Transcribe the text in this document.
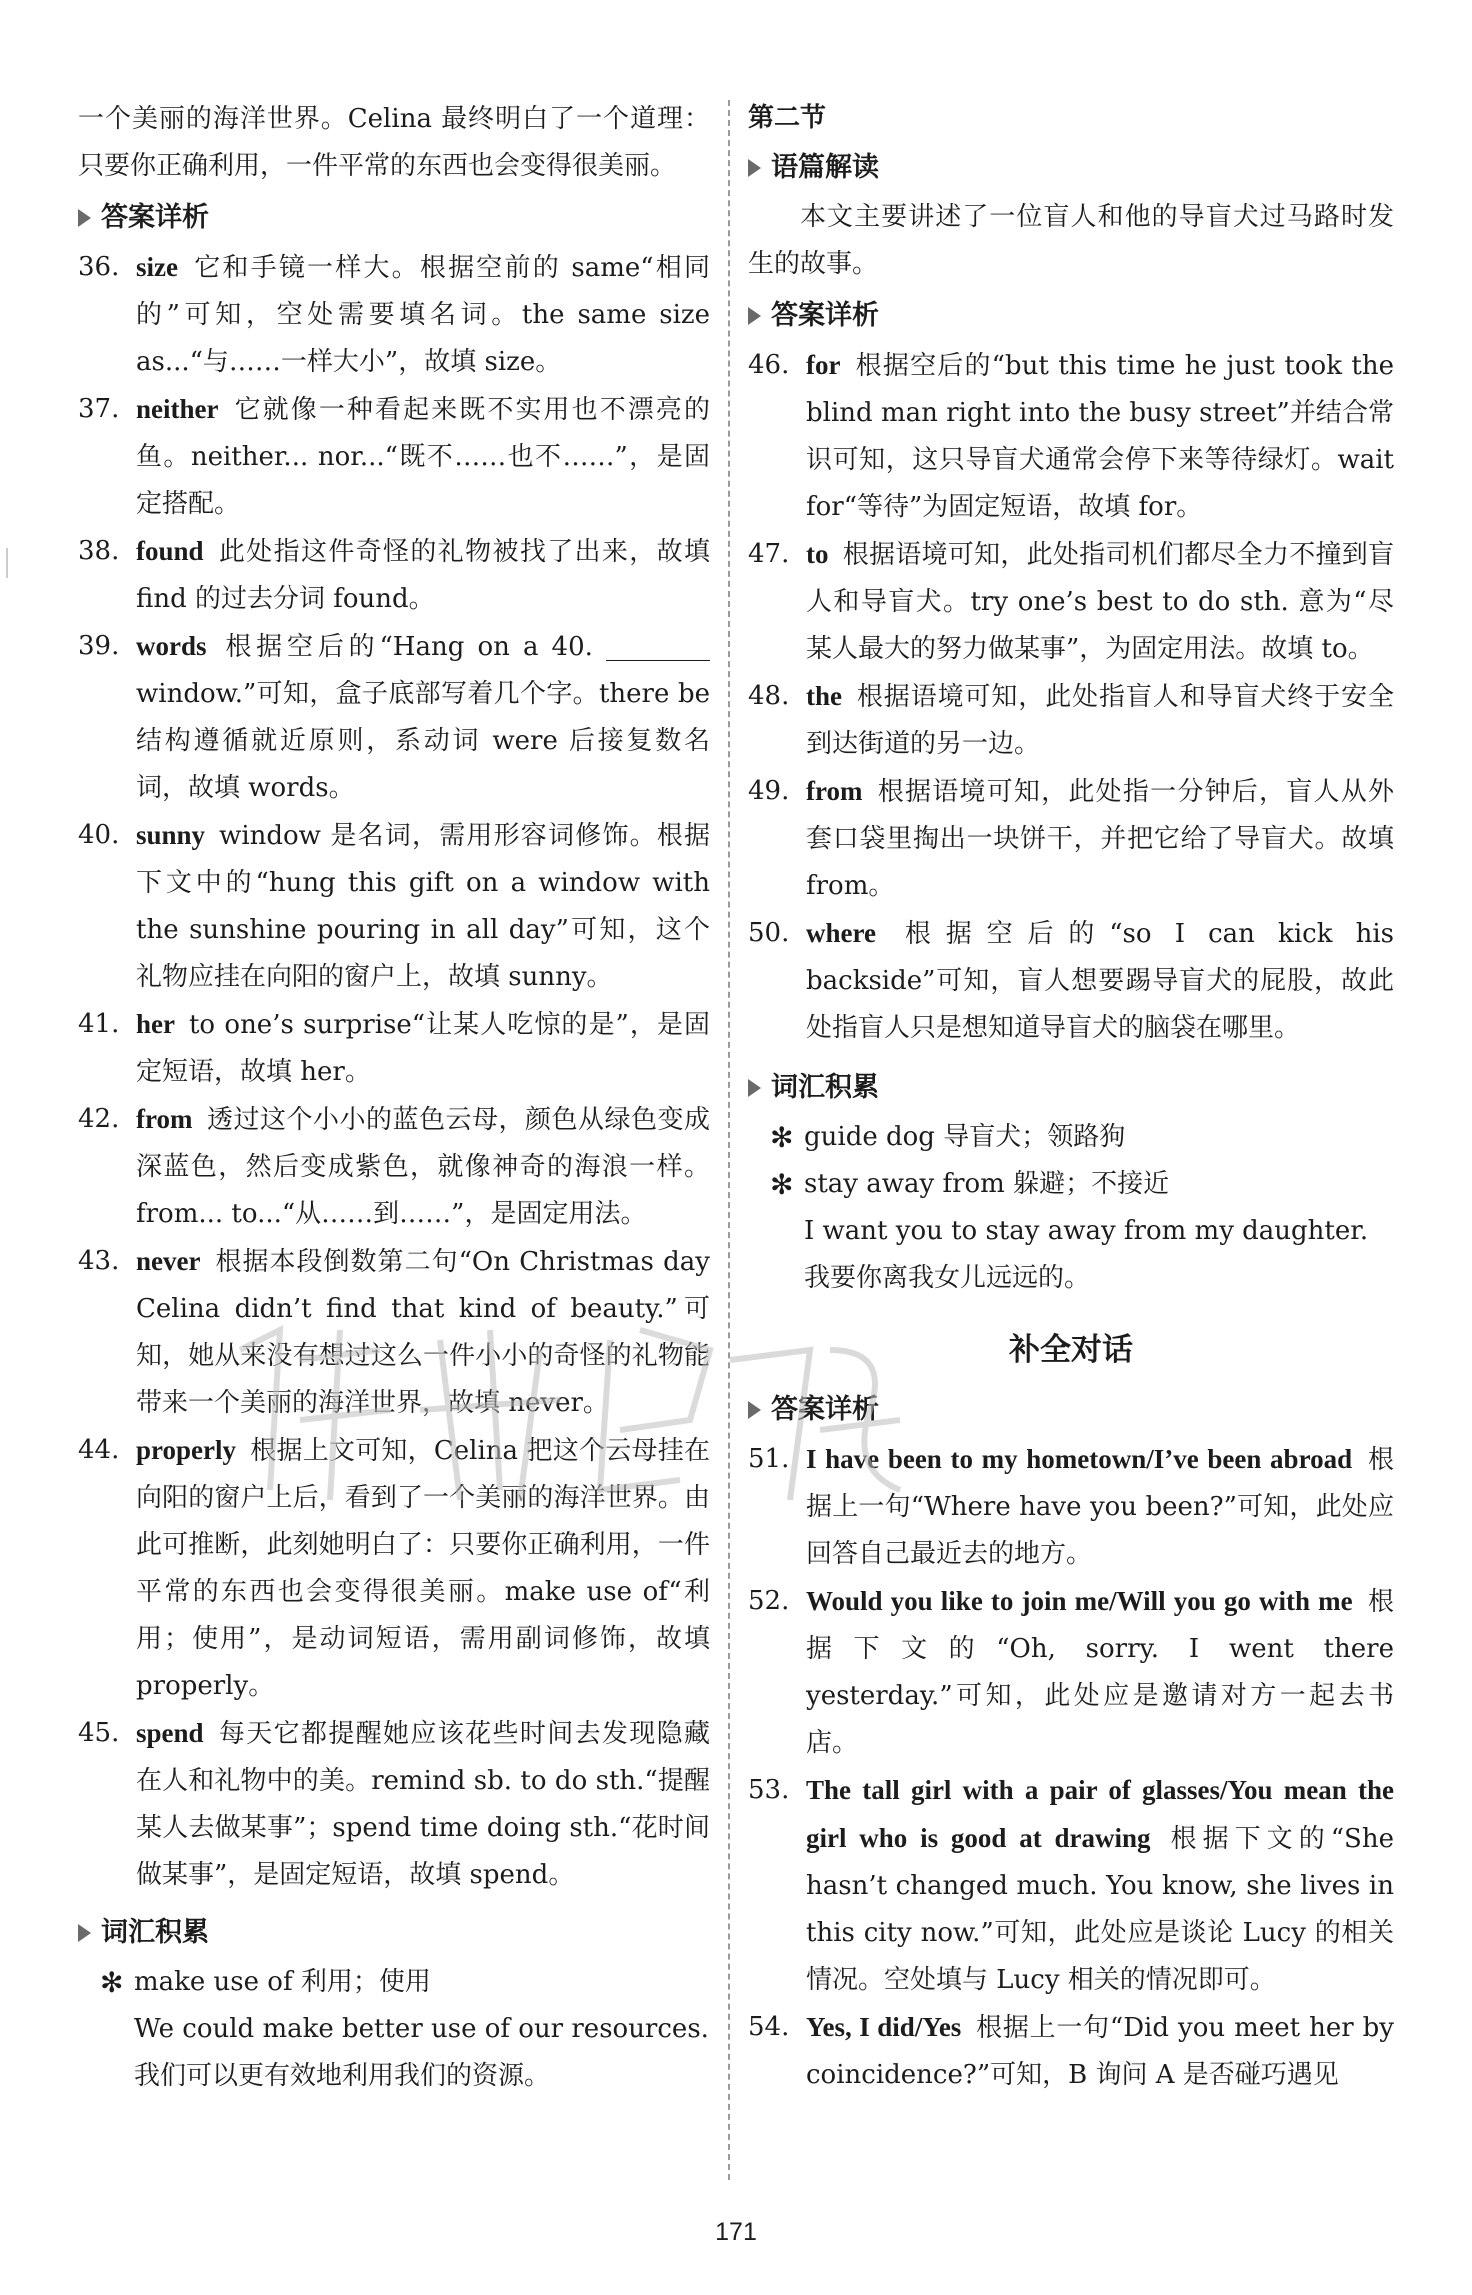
一个美丽的海洋世界。Celina 最终明白了一个道理：只要你正确利用，一件平常的东西也会变得很美丽。

答案详析
36. size 它和手镜一样大。根据空前的 same“相同的”可知，空处需要填名词。the same size as...“与……一样大小”，故填 size。

37. neither 它就像一种看起来既不实用也不漂亮的鱼。neither... nor...“既不……也不……”，是固定搭配。

38. found 此处指这件奇怪的礼物被找了出来，故填 find 的过去分词 found。

39. words 根据空后的“Hang on a 40. ________ window.”可知，盒子底部写着几个字。there be 结构遵循就近原则，系动词 were 后接复数名词，故填 words。

40. sunny window 是名词，需用形容词修饰。根据下文中的“hung this gift on a window with the sunshine pouring in all day”可知，这个礼物应挂在向阳的窗户上，故填 sunny。

41. her to one’s surprise“让某人吃惊的是”，是固定短语，故填 her。

42. from 透过这个小小的蓝色云母，颜色从绿色变成深蓝色，然后变成紫色，就像神奇的海浪一样。from... to...“从……到……”，是固定用法。

43. never 根据本段倒数第二句“On Christmas day Celina didn’t find that kind of beauty.”可知，她从来没有想过这么一件小小的奇怪的礼物能带来一个美丽的海洋世界，故填 never。

44. properly 根据上文可知，Celina 把这个云母挂在向阳的窗户上后，看到了一个美丽的海洋世界。由此可推断，此刻她明白了：只要你正确利用，一件平常的东西也会变得很美丽。make use of“利用；使用”，是动词短语，需用副词修饰，故填 properly。

45. spend 每天它都提醒她应该花些时间去发现隐藏在人和礼物中的美。remind sb. to do sth.“提醒某人去做某事”；spend time doing sth.“花时间做某事”，是固定短语，故填 spend。

词汇积累
✻ make use of 利用；使用

We could make better use of our resources.

我们可以更有效地利用我们的资源。

第二节
语篇解读

本文主要讲述了一位盲人和他的导盲犬过马路时发生的故事。

答案详析
46. for 根据空后的“but this time he just took the blind man right into the busy street”并结合常识可知，这只导盲犬通常会停下来等待绿灯。wait for“等待”为固定短语，故填 for。

47. to 根据语境可知，此处指司机们都尽全力不撞到盲人和导盲犬。try one’s best to do sth. 意为“尽某人最大的努力做某事”，为固定用法。故填 to。

48. the 根据语境可知，此处指盲人和导盲犬终于安全到达街道的另一边。

49. from 根据语境可知，此处指一分钟后，盲人从外套口袋里掏出一块饼干，并把它给了导盲犬。故填 from。

50. where 根据空后的“so I can kick his backside”可知，盲人想要踢导盲犬的屁股，故此处指盲人只是想知道导盲犬的脑袋在哪里。

词汇积累
✻ guide dog 导盲犬；领路狗

✻ stay away from 躲避；不接近

I want you to stay away from my daughter.

我要你离我女儿远远的。

补全对话
答案详析
51. I have been to my hometown/I’ve been abroad 根据上一句“Where have you been?”可知，此处应回答自己最近去的地方。

52. Would you like to join me/Will you go with me 根据下文的“Oh, sorry. I went there yesterday.”可知，此处应是邀请对方一起去书店。

53. The tall girl with a pair of glasses/You mean the girl who is good at drawing 根据下文的“She hasn’t changed much. You know, she lives in this city now.”可知，此处应是谈论 Lucy 的相关情况。空处填与 Lucy 相关的情况即可。

54. Yes, I did/Yes 根据上一句“Did you meet her by coincidence?”可知，B 询问 A 是否碰巧遇见

171
